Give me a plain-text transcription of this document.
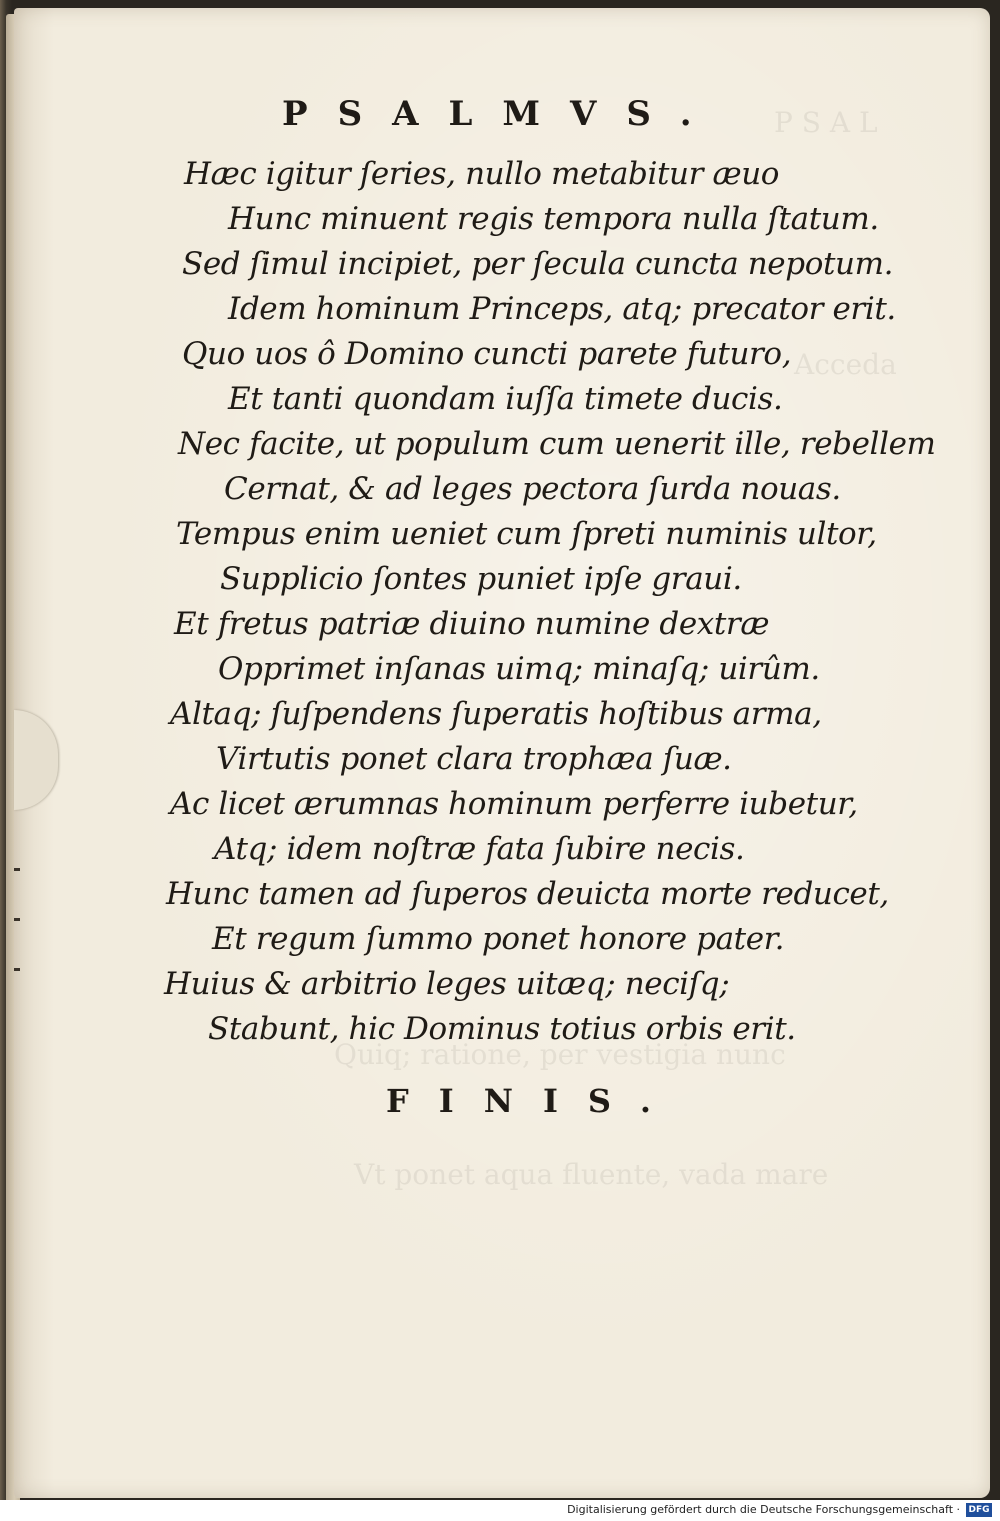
P S A L
Acceda
Quiq; ratione, per vestigia nunc
Vt ponet aqua fluente, vada mare
PSALMVS.
Hæc igitur ſeries, nullo metabitur æuo
Hunc minuent regis tempora nulla ſtatum.
Sed ſimul incipiet, per ſecula cuncta nepotum.
Idem hominum Princeps, atq; precator erit.
Quo uos ô Domino cuncti parete futuro,
Et tanti quondam iuſſa timete ducis.
Nec facite, ut populum cum uenerit ille, rebellem
Cernat, & ad leges pectora ſurda nouas.
Tempus enim ueniet cum ſpreti numinis ultor,
Supplicio ſontes puniet ipſe graui.
Et fretus patriæ diuino numine dextræ
Opprimet inſanas uimq; minaſq; uirûm.
Altaq; ſuſpendens ſuperatis hoſtibus arma,
Virtutis ponet clara trophæa ſuæ.
Ac licet ærumnas hominum perferre iubetur,
Atq; idem noſtræ fata ſubire necis.
Hunc tamen ad ſuperos deuicta morte reducet,
Et regum ſummo ponet honore pater.
Huius & arbitrio leges uitæq; neciſq;
Stabunt, hic Dominus totius orbis erit.
FINIS.
Digitalisierung gefördert durch die Deutsche Forschungsgemeinschaft · DFG
